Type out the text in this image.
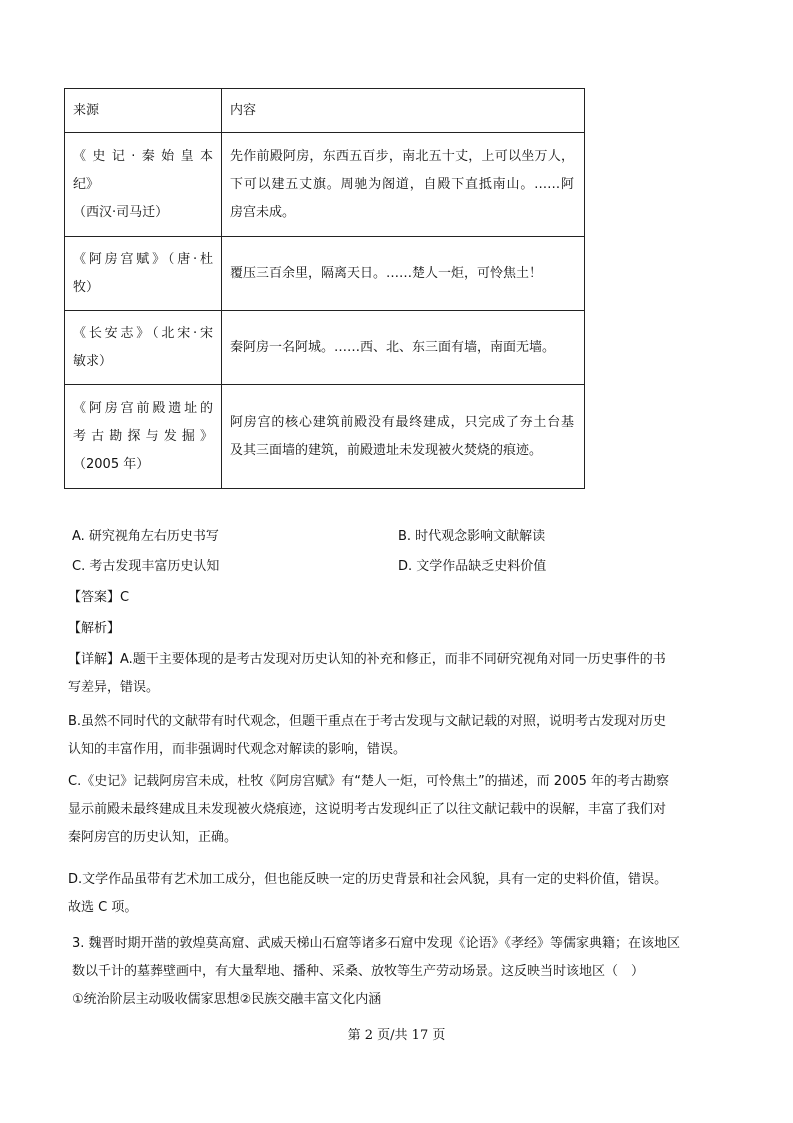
来源	内容

《史记·秦始皇本
纪》
（西汉·司马迁）	先作前殿阿房，东西五百步，南北五十丈，上可以坐万人，
下可以建五丈旗。周驰为阁道，自殿下直抵南山。……阿
房宫未成。

《阿房宫赋》（唐·杜
牧）	覆压三百余里，隔离天日。……楚人一炬，可怜焦土！

《长安志》（北宋·宋
敏求）	秦阿房一名阿城。……西、北、东三面有墙，南面无墙。

《阿房宫前殿遗址的
考古勘探与发掘》
（2005 年）	阿房宫的核心建筑前殿没有最终建成，只完成了夯土台基
及其三面墙的建筑，前殿遗址未发现被火焚烧的痕迹。
A. 研究视角左右历史书写	B. 时代观念影响文献解读
C. 考古发现丰富历史认知	D. 文学作品缺乏史料价值
【答案】C
【解析】
【详解】A.题干主要体现的是考古发现对历史认知的补充和修正，而非不同研究视角对同一历史事件的书
写差异，错误。
B.虽然不同时代的文献带有时代观念，但题干重点在于考古发现与文献记载的对照，说明考古发现对历史
认知的丰富作用，而非强调时代观念对解读的影响，错误。
C.《史记》记载阿房宫未成，杜牧《阿房宫赋》有“楚人一炬，可怜焦土”的描述，而 2005 年的考古勘察
显示前殿未最终建成且未发现被火烧痕迹，这说明考古发现纠正了以往文献记载中的误解，丰富了我们对
秦阿房宫的历史认知，正确。
D.文学作品虽带有艺术加工成分，但也能反映一定的历史背景和社会风貌，具有一定的史料价值，错误。
故选 C 项。
3. 魏晋时期开凿的敦煌莫高窟、武威天梯山石窟等诸多石窟中发现《论语》《孝经》等儒家典籍；在该地区
数以千计的墓葬壁画中，有大量犁地、播种、采桑、放牧等生产劳动场景。这反映当时该地区（　）
①统治阶层主动吸收儒家思想②民族交融丰富文化内涵
第 2 页/共 17 页
